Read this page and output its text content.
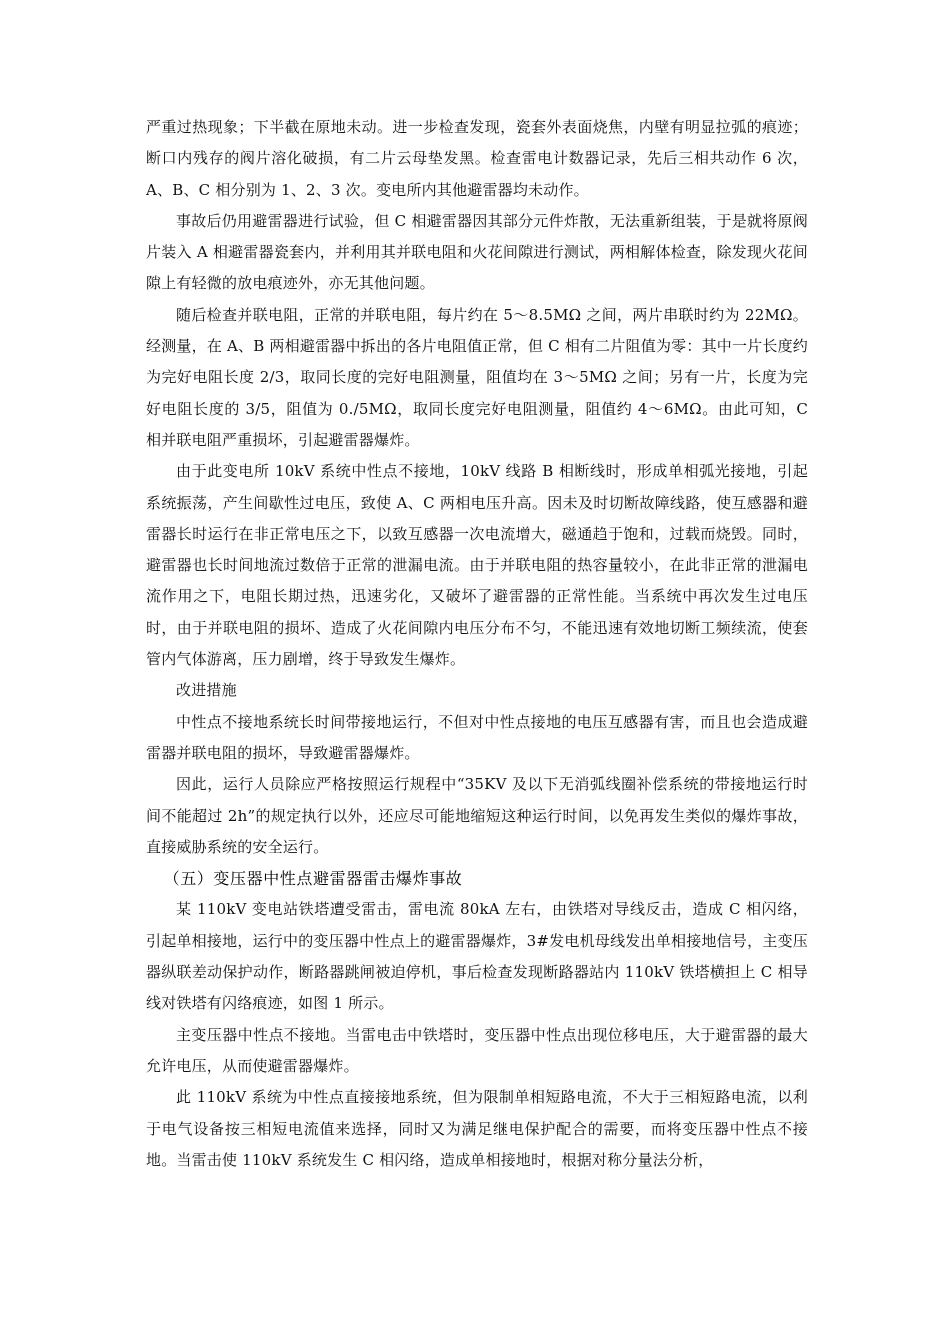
严重过热现象；下半截在原地未动。进一步检查发现，瓷套外表面烧焦，内壁有明显拉弧的痕迹；断口内残存的阀片溶化破损，有二片云母垫发黑。检查雷电计数器记录，先后三相共动作 6 次，A、B、C 相分别为 1、2、3 次。变电所内其他避雷器均未动作。

事故后仍用避雷器进行试验，但 C 相避雷器因其部分元件炸散，无法重新组装，于是就将原阀片装入 A 相避雷器瓷套内，并利用其并联电阻和火花间隙进行测试，两相解体检查，除发现火花间隙上有轻微的放电痕迹外，亦无其他问题。

随后检查并联电阻，正常的并联电阻，每片约在 5～8.5MΩ 之间，两片串联时约为 22MΩ。经测量，在 A、B 两相避雷器中拆出的各片电阻值正常，但 C 相有二片阻值为零：其中一片长度约为完好电阻长度 2/3，取同长度的完好电阻测量，阻值均在 3～5MΩ 之间；另有一片，长度为完好电阻长度的 3/5，阻值为 0./5MΩ，取同长度完好电阻测量，阻值约 4～6MΩ。由此可知，C 相并联电阻严重损坏，引起避雷器爆炸。

由于此变电所 10kV 系统中性点不接地，10kV 线路 B 相断线时，形成单相弧光接地，引起系统振荡，产生间歇性过电压，致使 A、C 两相电压升高。因未及时切断故障线路，使互感器和避雷器长时运行在非正常电压之下，以致互感器一次电流增大，磁通趋于饱和，过载而烧毁。同时，避雷器也长时间地流过数倍于正常的泄漏电流。由于并联电阻的热容量较小，在此非正常的泄漏电流作用之下，电阻长期过热，迅速劣化，又破坏了避雷器的正常性能。当系统中再次发生过电压时，由于并联电阻的损坏、造成了火花间隙内电压分布不匀，不能迅速有效地切断工频续流，使套管内气体游离，压力剧增，终于导致发生爆炸。

改进措施

中性点不接地系统长时间带接地运行，不但对中性点接地的电压互感器有害，而且也会造成避雷器并联电阻的损坏，导致避雷器爆炸。

因此，运行人员除应严格按照运行规程中“35KV 及以下无消弧线圈补偿系统的带接地运行时间不能超过 2h”的规定执行以外，还应尽可能地缩短这种运行时间，以免再发生类似的爆炸事故，直接威胁系统的安全运行。

（五）变压器中性点避雷器雷击爆炸事故

某 110kV 变电站铁塔遭受雷击，雷电流 80kA 左右，由铁塔对导线反击，造成 C 相闪络，引起单相接地，运行中的变压器中性点上的避雷器爆炸，3#发电机母线发出单相接地信号，主变压器纵联差动保护动作，断路器跳闸被迫停机，事后检查发现断路器站内 110kV 铁塔横担上 C 相导线对铁塔有闪络痕迹，如图 1 所示。

主变压器中性点不接地。当雷电击中铁塔时，变压器中性点出现位移电压，大于避雷器的最大允许电压，从而使避雷器爆炸。

此 110kV 系统为中性点直接接地系统，但为限制单相短路电流，不大于三相短路电流，以利于电气设备按三相短电流值来选择，同时又为满足继电保护配合的需要，而将变压器中性点不接地。当雷击使 110kV 系统发生 C 相闪络，造成单相接地时，根据对称分量法分析，
